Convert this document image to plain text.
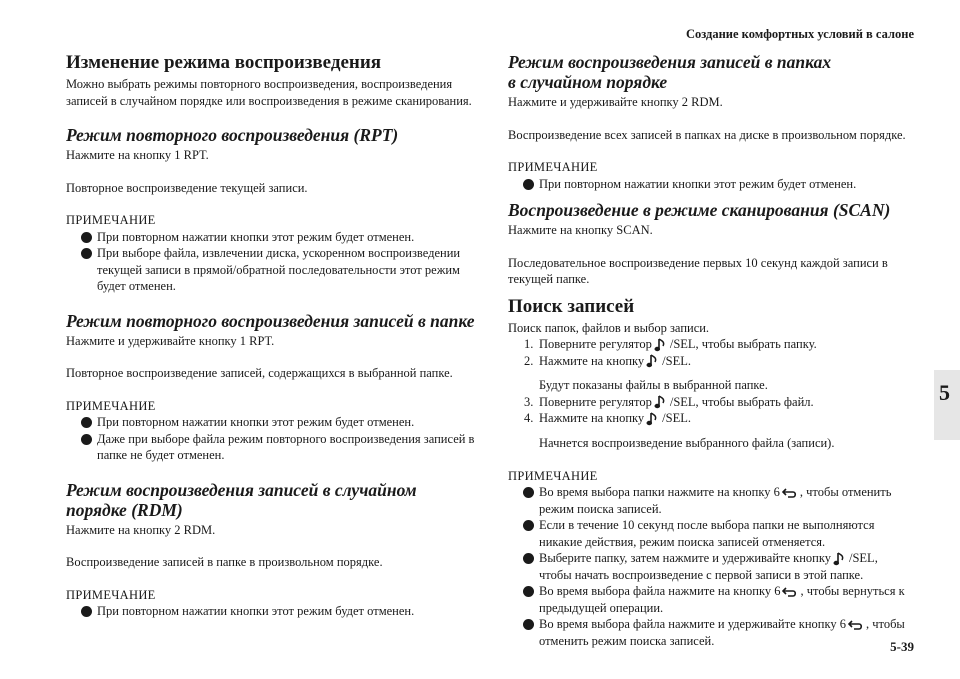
Создание комфортных условий в салоне
5
Изменение режима воспроизведения

Можно выбрать режимы повторного воспроизведения, воспроизведения записей в случайном порядке или воспроизведения в режиме сканирования.

Режим повторного воспроизведения (RPT)

Нажмите на кнопку 1 RPT.

Повторное воспроизведение текущей записи.

ПРИМЕЧАНИЕ

При повторном нажатии кнопки этот режим будет отменен.

При выборе файла, извлечении диска, ускоренном воспроизведении текущей записи в прямой/обратной последовательности этот режим будет отменен.

Режим повторного воспроизведения записей в папке

Нажмите и удерживайте кнопку 1 RPT.

Повторное воспроизведение записей, содержащихся в выбранной папке.

ПРИМЕЧАНИЕ

При повторном нажатии кнопки этот режим будет отменен.

Даже при выборе файла режим повторного воспроизведения записей в папке не будет отменен.

Режим воспроизведения записей в случайном порядке (RDM)

Нажмите на кнопку 2 RDM.

Воспроизведение записей в папке в произвольном порядке.

ПРИМЕЧАНИЕ

При повторном нажатии кнопки этот режим будет отменен.

Режим воспроизведения записей в папках
в случайном порядке

Нажмите и удерживайте кнопку 2 RDM.

Воспроизведение всех записей в папках на диске в произвольном порядке.

ПРИМЕЧАНИЕ

При повторном нажатии кнопки этот режим будет отменен.

Воспроизведение в режиме сканирования (SCAN)

Нажмите на кнопку SCAN.

Последовательное воспроизведение первых 10 секунд каждой записи в текущей папке.

Поиск записей

Поиск папок, файлов и выбор записи.

1. Поверните регулятор /SEL, чтобы выбрать папку.

2. Нажмите на кнопку /SEL.

Будут показаны файлы в выбранной папке.

3. Поверните регулятор /SEL, чтобы выбрать файл.

4. Нажмите на кнопку /SEL.

Начнется воспроизведение выбранного файла (записи).

ПРИМЕЧАНИЕ

Во время выбора папки нажмите на кнопку 6 , чтобы отменить режим поиска записей.

Если в течение 10 секунд после выбора папки не выполняются никакие действия, режим поиска записей отменяется.

Выберите папку, затем нажмите и удерживайте кнопку /SEL, чтобы начать воспроизведение с первой записи в этой папке.

Во время выбора файла нажмите на кнопку 6 , чтобы вернуться к предыдущей операции.

Во время выбора файла нажмите и удерживайте кнопку 6 , чтобы отменить режим поиска записей.	5-39
